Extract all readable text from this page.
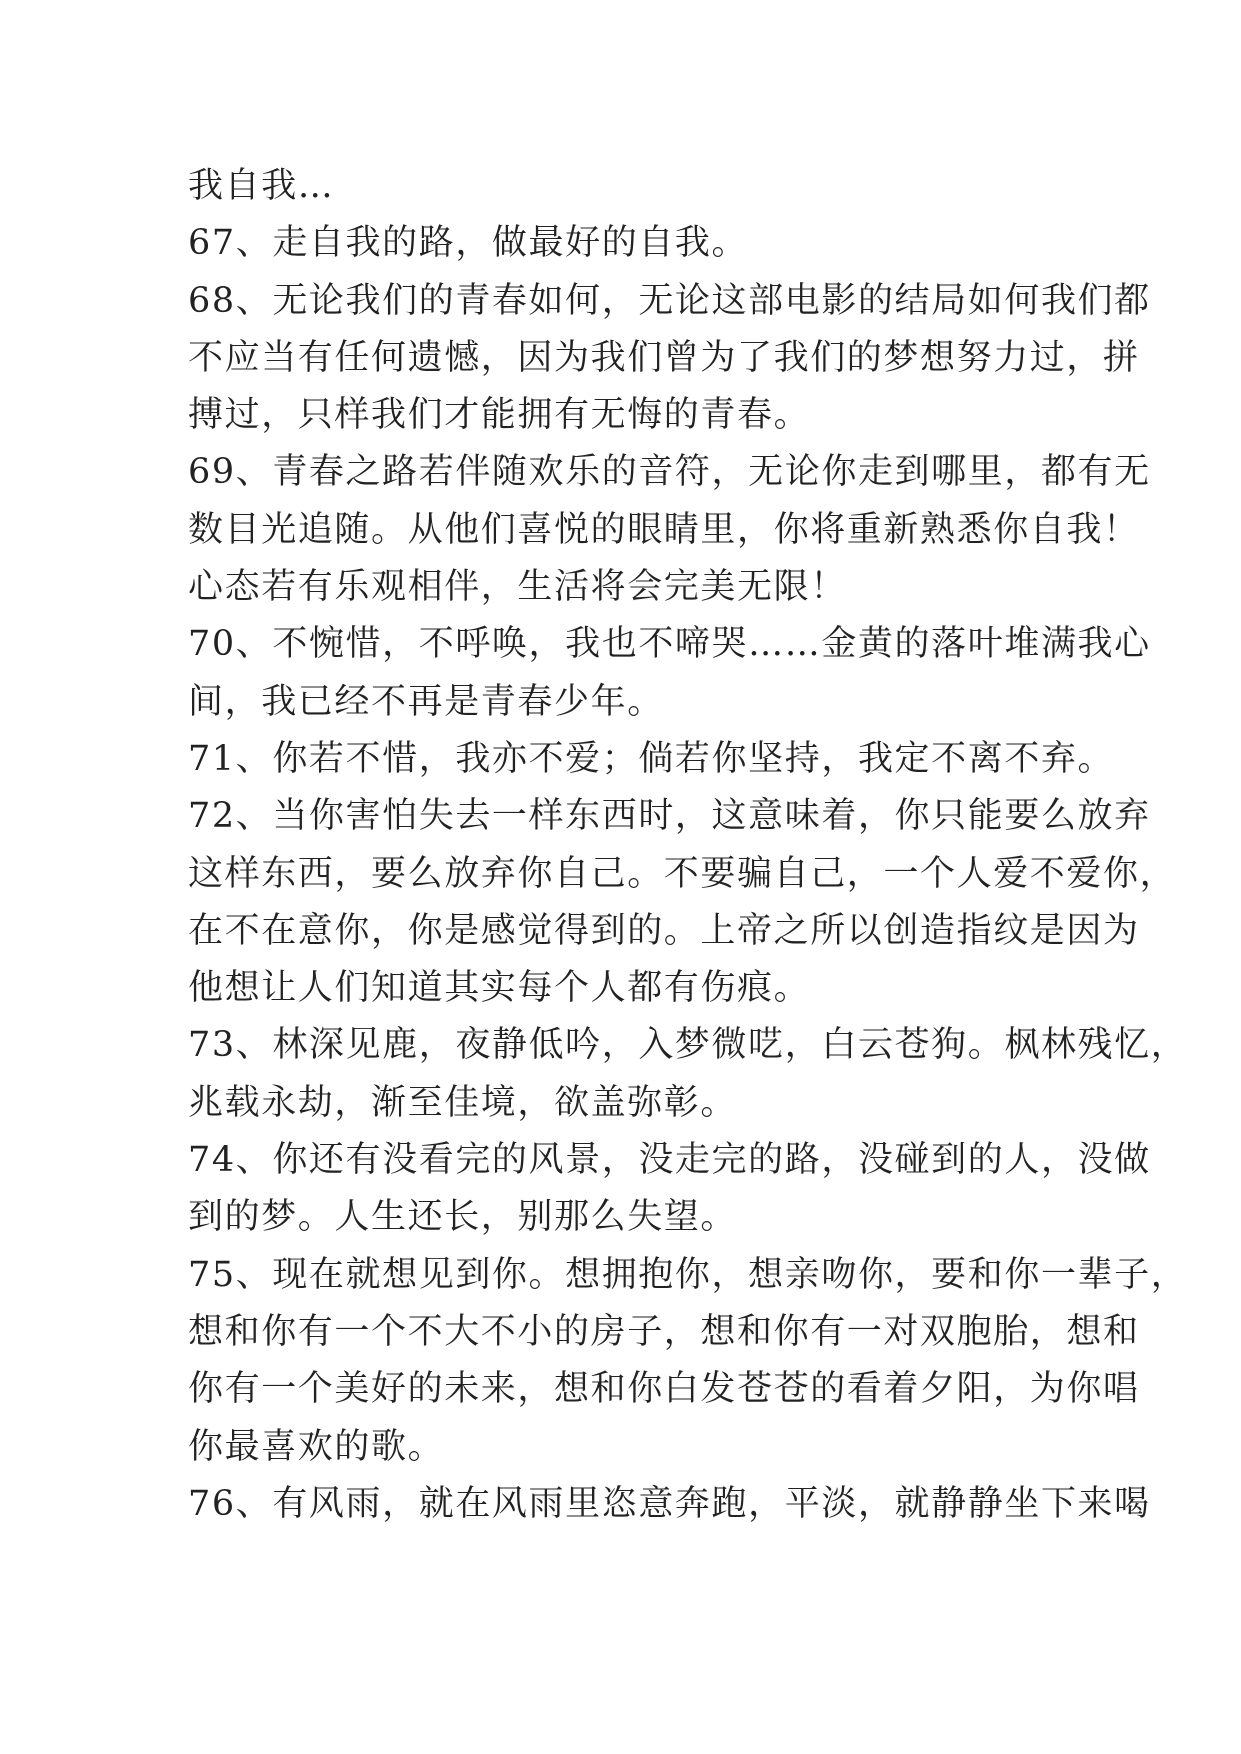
我自我…
67、走自我的路，做最好的自我。
68、无论我们的青春如何，无论这部电影的结局如何我们都
不应当有任何遗憾，因为我们曾为了我们的梦想努力过，拼
搏过，只样我们才能拥有无悔的青春。
69、青春之路若伴随欢乐的音符，无论你走到哪里，都有无
数目光追随。从他们喜悦的眼睛里，你将重新熟悉你自我！
心态若有乐观相伴，生活将会完美无限！
70、不惋惜，不呼唤，我也不啼哭……金黄的落叶堆满我心
间，我已经不再是青春少年。
71、你若不惜，我亦不爱；倘若你坚持，我定不离不弃。
72、当你害怕失去一样东西时，这意味着，你只能要么放弃
这样东西，要么放弃你自己。不要骗自己，一个人爱不爱你，
在不在意你，你是感觉得到的。上帝之所以创造指纹是因为
他想让人们知道其实每个人都有伤痕。
73、林深见鹿，夜静低吟，入梦微呓，白云苍狗。枫林残忆，
兆载永劫，渐至佳境，欲盖弥彰。
74、你还有没看完的风景，没走完的路，没碰到的人，没做
到的梦。人生还长，别那么失望。
75、现在就想见到你。想拥抱你，想亲吻你，要和你一辈子，
想和你有一个不大不小的房子，想和你有一对双胞胎，想和
你有一个美好的未来，想和你白发苍苍的看着夕阳，为你唱
你最喜欢的歌。
76、有风雨，就在风雨里恣意奔跑，平淡，就静静坐下来喝
